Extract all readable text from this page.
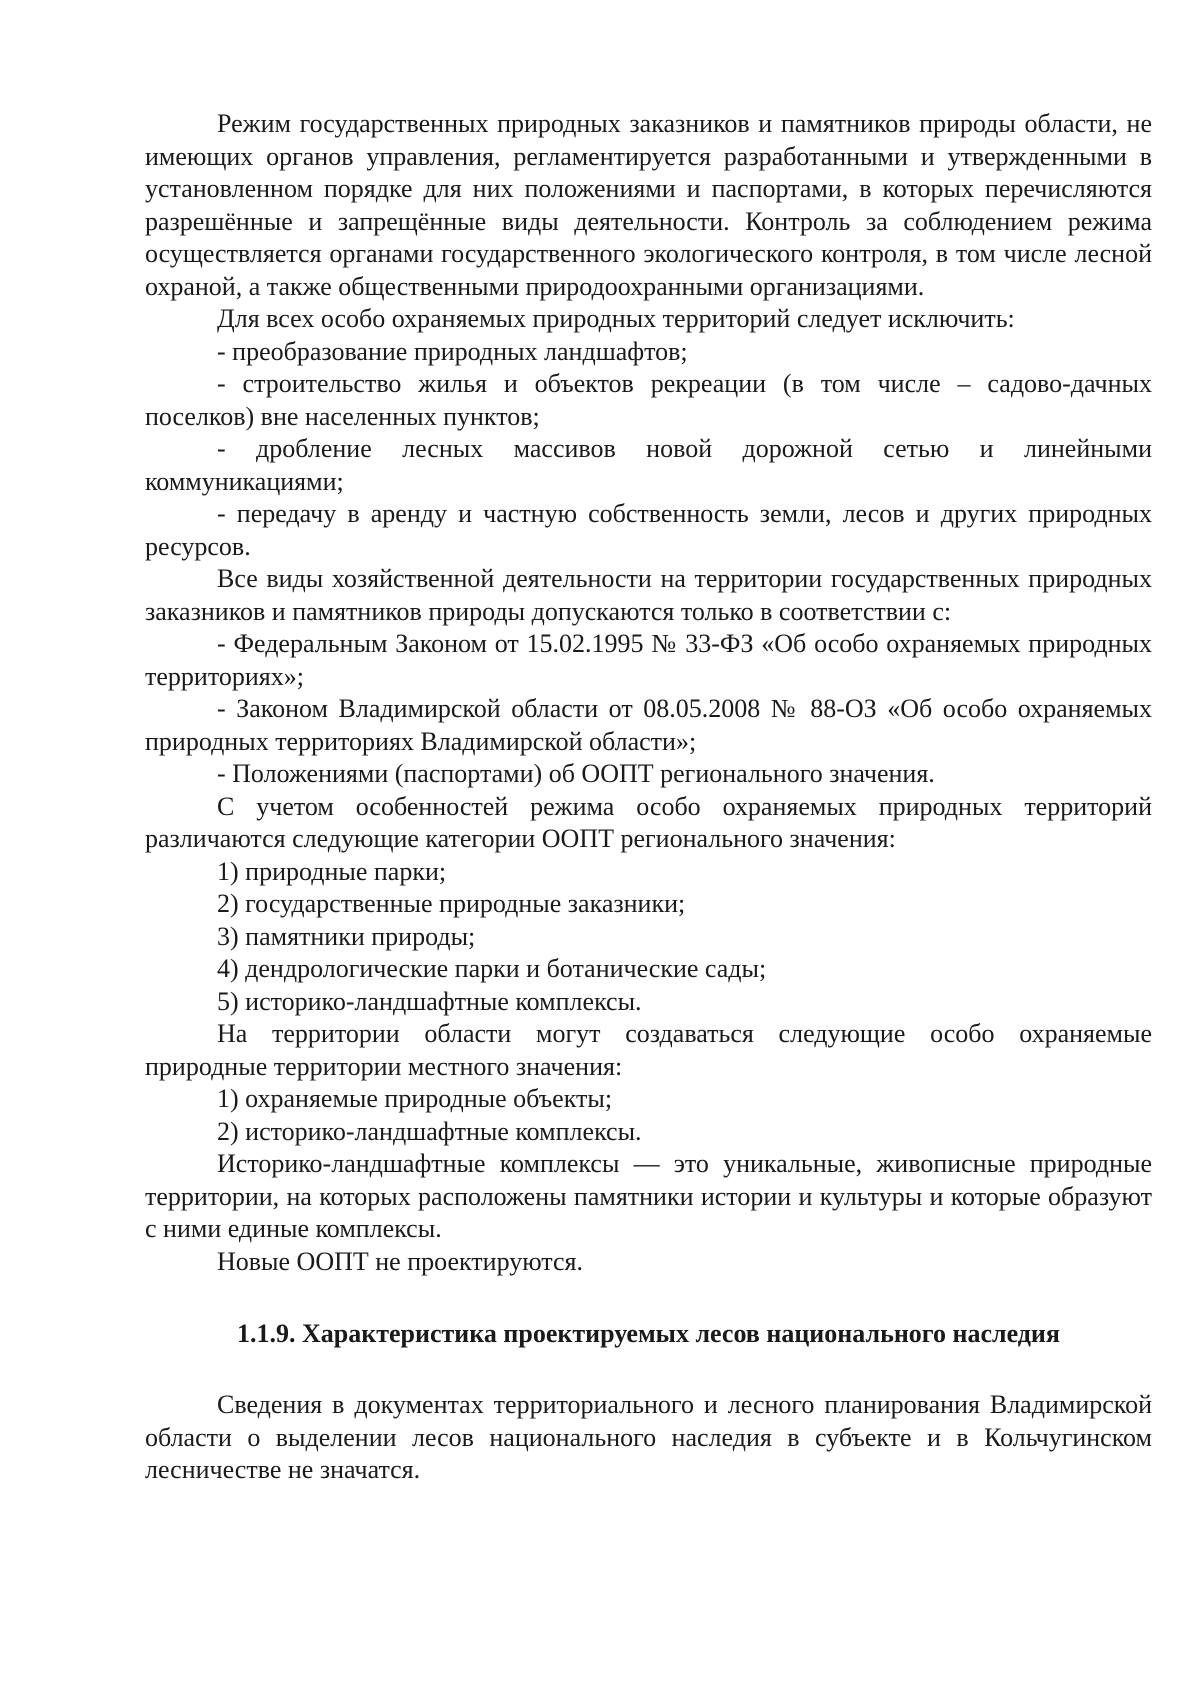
Режим государственных природных заказников и памятников природы области, не имеющих органов управления, регламентируется разработанными и утвержденными в установленном порядке для них положениями и паспортами, в которых перечисляются разрешённые и запрещённые виды деятельности. Контроль за соблюдением режима осуществляется органами государственного экологического контроля, в том числе лесной охраной, а также общественными природоохранными организациями.

Для всех особо охраняемых природных территорий следует исключить:

- преобразование природных ландшафтов;

- строительство жилья и объектов рекреации (в том числе – садово-дачных поселков) вне населенных пунктов;

- дробление лесных массивов новой дорожной сетью и линейными коммуникациями;

- передачу в аренду и частную собственность земли, лесов и других природных ресурсов.

Все виды хозяйственной деятельности на территории государственных природных заказников и памятников природы допускаются только в соответствии с:

- Федеральным Законом от 15.02.1995 № 33-ФЗ «Об особо охраняемых природных территориях»;

- Законом Владимирской области от 08.05.2008 № 88-ОЗ «Об особо охраняемых природных территориях Владимирской области»;

- Положениями (паспортами) об ООПТ регионального значения.

С учетом особенностей режима особо охраняемых природных территорий различаются следующие категории ООПТ регионального значения:

1) природные парки;

2) государственные природные заказники;

3) памятники природы;

4) дендрологические парки и ботанические сады;

5) историко-ландшафтные комплексы.

На территории области могут создаваться следующие особо охраняемые природные территории местного значения:

1) охраняемые природные объекты;

2) историко-ландшафтные комплексы.

Историко-ландшафтные комплексы — это уникальные, живописные природные территории, на которых расположены памятники истории и культуры и которые образуют с ними единые комплексы.

Новые ООПТ не проектируются.

1.1.9. Характеристика проектируемых лесов национального наследия

Сведения в документах территориального и лесного планирования Владимирской области о выделении лесов национального наследия в субъекте и в Кольчугинском лесничестве не значатся.
